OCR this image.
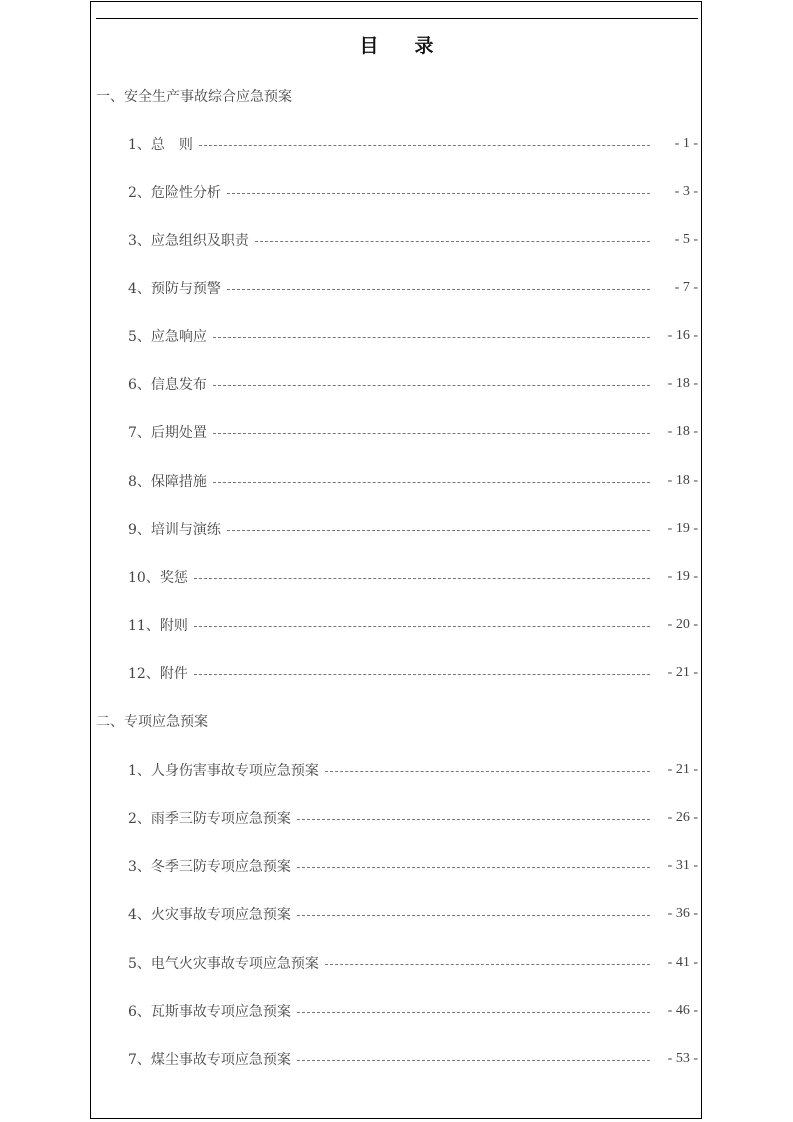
目 录
一、安全生产事故综合应急预案
1、总　则	- 1 -
2、危险性分析	- 3 -
3、应急组织及职责	- 5 -
4、预防与预警	- 7 -
5、应急响应	- 16 -
6、信息发布	- 18 -
7、后期处置	- 18 -
8、保障措施	- 18 -
9、培训与演练	- 19 -
10、奖惩	- 19 -
11、附则	- 20 -
12、附件	- 21 -
二、专项应急预案
1、人身伤害事故专项应急预案	- 21 -
2、雨季三防专项应急预案	- 26 -
3、冬季三防专项应急预案	- 31 -
4、火灾事故专项应急预案	- 36 -
5、电气火灾事故专项应急预案	- 41 -
6、瓦斯事故专项应急预案	- 46 -
7、煤尘事故专项应急预案	- 53 -
